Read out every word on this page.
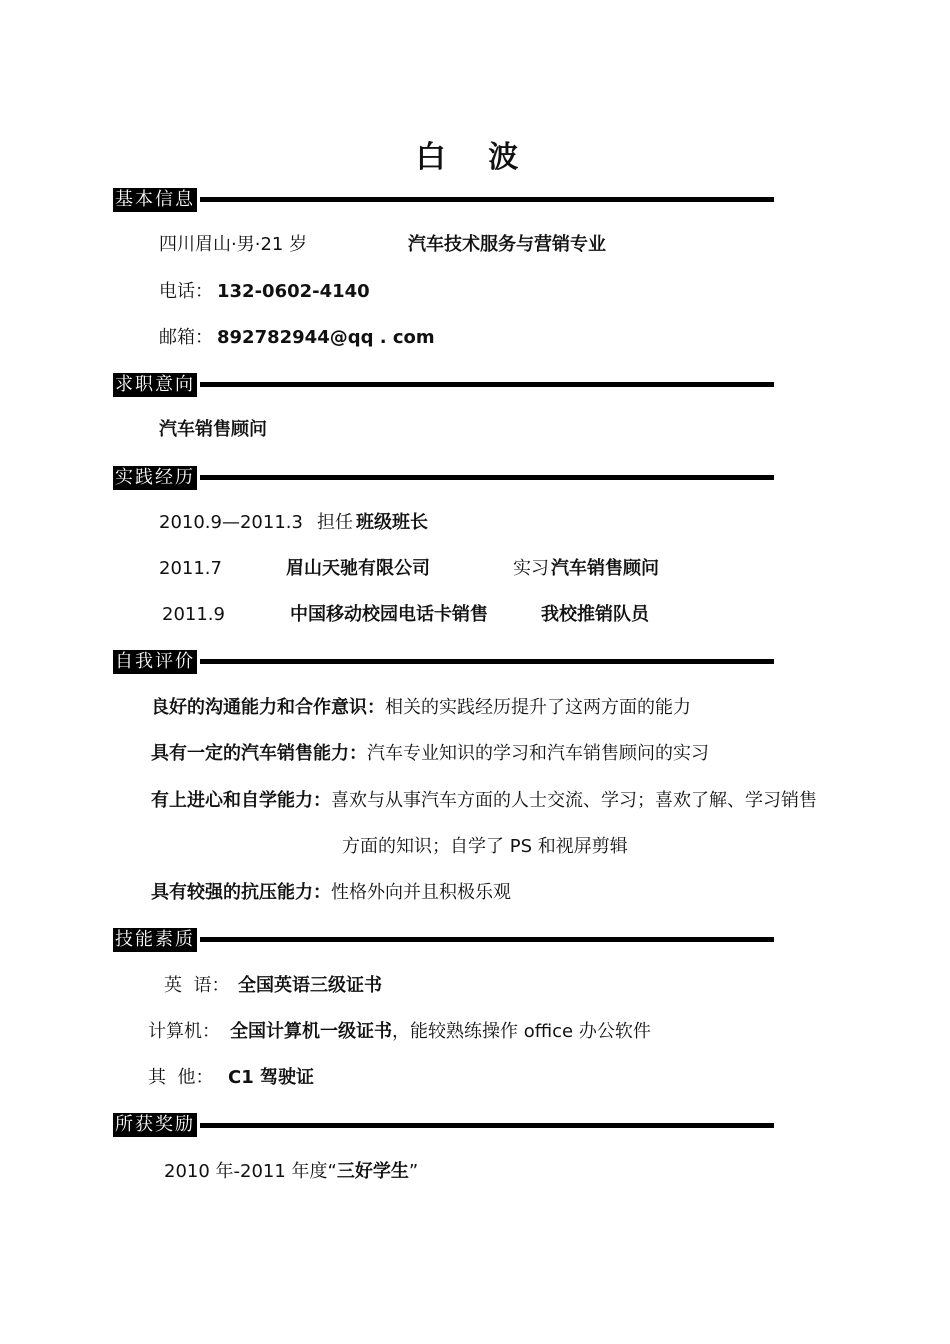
白 波
基本信息
四川眉山·男·21 岁	汽车技术服务与营销专业
电话： 132-0602-4140
邮箱： 892782944@qq . com
求职意向
汽车销售顾问
实践经历
2010.9—2011.3 担任 班级班长
2011.7	眉山天驰有限公司	实习 汽车销售顾问
2011.9	中国移动校园电话卡销售	我校推销队员
自我评价
良好的沟通能力和合作意识：相关的实践经历提升了这两方面的能力
具有一定的汽车销售能力：汽车专业知识的学习和汽车销售顾问的实习
有上进心和自学能力：喜欢与从事汽车方面的人士交流、学习；喜欢了解、学习销售
方面的知识；自学了 PS 和视屏剪辑
具有较强的抗压能力：性格外向并且积极乐观
技能素质
英  语： 全国英语三级证书
计算机： 全国计算机一级证书，能较熟练操作 office 办公软件
其  他： C1 驾驶证
所获奖励
2010 年-2011 年度“三好学生”
